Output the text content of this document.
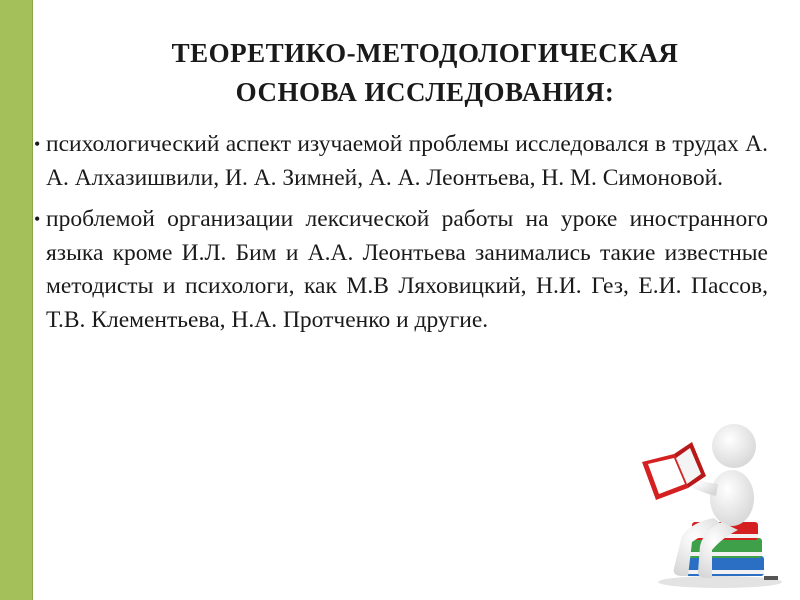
ТЕОРЕТИКО-МЕТОДОЛОГИЧЕСКАЯ
ОСНОВА ИССЛЕДОВАНИЯ:
• психологический аспект изучаемой проблемы исследовался в трудах А. А. Алхазишвили, И. А. Зимней, А. А. Леонтьева, Н. М. Симоновой.
• проблемой организации лексической работы на уроке иностранного языка кроме И.Л. Бим и А.А. Леонтьева занимались такие известные методисты и психологи, как М.В Ляховицкий, Н.И. Гез, Е.И. Пассов, Т.В. Клементьева, Н.А. Протченко и другие.
